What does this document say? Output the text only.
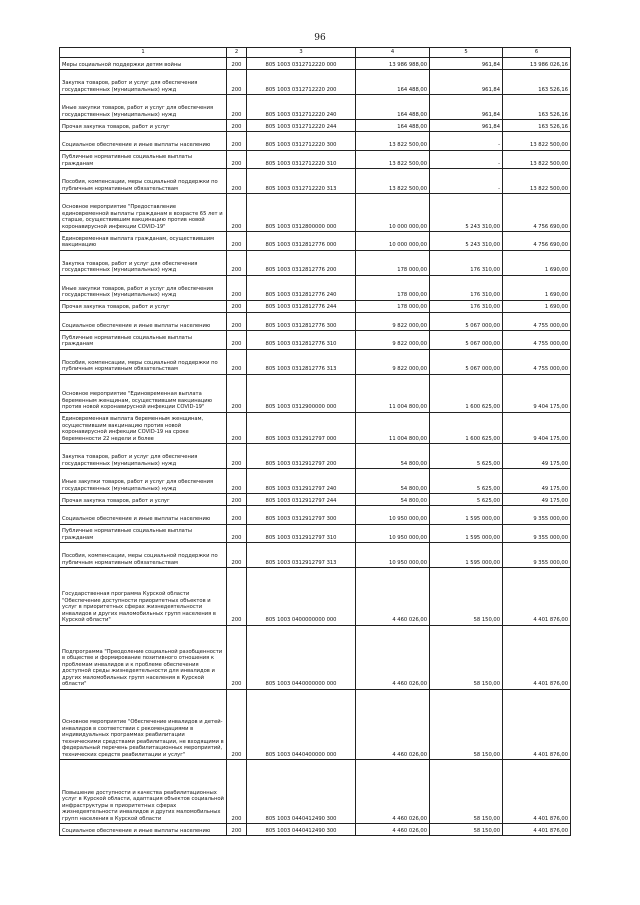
96
1	2	3	4	5	6
Меры социальной поддержки детям войны	200	805 1003 0312712220 000	13 986 988,00	961,84	13 986 026,16
Закупка товаров, работ и услуг для обеспечения государственных (муниципальных) нужд	200	805 1003 0312712220 200	164 488,00	961,84	163 526,16
Иные закупки товаров, работ и услуг для обеспечения государственных (муниципальных) нужд	200	805 1003 0312712220 240	164 488,00	961,84	163 526,16
Прочая закупка товаров, работ и услуг	200	805 1003 0312712220 244	164 488,00	961,84	163 526,16
Социальное обеспечение и иные выплаты населению	200	805 1003 0312712220 300	13 822 500,00	-	13 822 500,00
Публичные нормативные социальные выплаты гражданам	200	805 1003 0312712220 310	13 822 500,00	-	13 822 500,00
Пособия, компенсации, меры социальной поддержки по публичным нормативным обязательствам	200	805 1003 0312712220 313	13 822 500,00	-	13 822 500,00
Основное мероприятие "Предоставление единовременной выплаты гражданам в возрасте 65 лет и старше, осуществившим вакцинацию против новой коронавирусной инфекции COVID-19"	200	805 1003 0312800000 000	10 000 000,00	5 243 310,00	4 756 690,00
Единовременная выплата гражданам, осуществившим вакцинацию	200	805 1003 0312812776 000	10 000 000,00	5 243 310,00	4 756 690,00
Закупка товаров, работ и услуг для обеспечения государственных (муниципальных) нужд	200	805 1003 0312812776 200	178 000,00	176 310,00	1 690,00
Иные закупки товаров, работ и услуг для обеспечения государственных (муниципальных) нужд	200	805 1003 0312812776 240	178 000,00	176 310,00	1 690,00
Прочая закупка товаров, работ и услуг	200	805 1003 0312812776 244	178 000,00	176 310,00	1 690,00
Социальное обеспечение и иные выплаты населению	200	805 1003 0312812776 300	9 822 000,00	5 067 000,00	4 755 000,00
Публичные нормативные социальные выплаты гражданам	200	805 1003 0312812776 310	9 822 000,00	5 067 000,00	4 755 000,00
Пособия, компенсации, меры социальной поддержки по публичным нормативным обязательствам	200	805 1003 0312812776 313	9 822 000,00	5 067 000,00	4 755 000,00
Основное мероприятие "Единовременная выплата беременным женщинам, осуществившим вакцинацию против новой коронавирусной инфекции COVID-19"	200	805 1003 0312900000 000	11 004 800,00	1 600 625,00	9 404 175,00
Единовременная выплата беременным женщинам, осуществившим вакцинацию против новой коронавирусной инфекции COVID-19 на сроке беременности 22 недели и более	200	805 1003 0312912797 000	11 004 800,00	1 600 625,00	9 404 175,00
Закупка товаров, работ и услуг для обеспечения государственных (муниципальных) нужд	200	805 1003 0312912797 200	54 800,00	5 625,00	49 175,00
Иные закупки товаров, работ и услуг для обеспечения государственных (муниципальных) нужд	200	805 1003 0312912797 240	54 800,00	5 625,00	49 175,00
Прочая закупка товаров, работ и услуг	200	805 1003 0312912797 244	54 800,00	5 625,00	49 175,00
Социальное обеспечение и иные выплаты населению	200	805 1003 0312912797 300	10 950 000,00	1 595 000,00	9 355 000,00
Публичные нормативные социальные выплаты гражданам	200	805 1003 0312912797 310	10 950 000,00	1 595 000,00	9 355 000,00
Пособия, компенсации, меры социальной поддержки по публичным нормативным обязательствам	200	805 1003 0312912797 313	10 950 000,00	1 595 000,00	9 355 000,00
Государственная программа Курской области "Обеспечение доступности приоритетных объектов и услуг в приоритетных сферах жизнедеятельности инвалидов и других маломобильных групп населения в Курской области"	200	805 1003 0400000000 000	4 460 026,00	58 150,00	4 401 876,00
Подпрограмма "Преодоление социальной разобщенности в обществе и формирование позитивного отношения к проблемам инвалидов и к проблеме обеспечения доступной среды жизнедеятельности для инвалидов и других маломобильных групп населения в Курской области"	200	805 1003 0440000000 000	4 460 026,00	58 150,00	4 401 876,00
Основное мероприятие "Обеспечение инвалидов и детей-инвалидов в соответствии с рекомендациями в индивидуальных программах реабилитации техническими средствами реабилитации, не входящими в федеральный перечень реабилитационных мероприятий, технических средств реабилитации и услуг"	200	805 1003 0440400000 000	4 460 026,00	58 150,00	4 401 876,00
Повышение доступности и качества реабилитационных услуг в Курской области, адаптация объектов социальной инфраструктуры в приоритетных сферах жизнедеятельности инвалидов и других маломобильных групп населения в Курской области	200	805 1003 0440412490 300	4 460 026,00	58 150,00	4 401 876,00
Социальное обеспечение и иные выплаты населению	200	805 1003 0440412490 300	4 460 026,00	58 150,00	4 401 876,00
